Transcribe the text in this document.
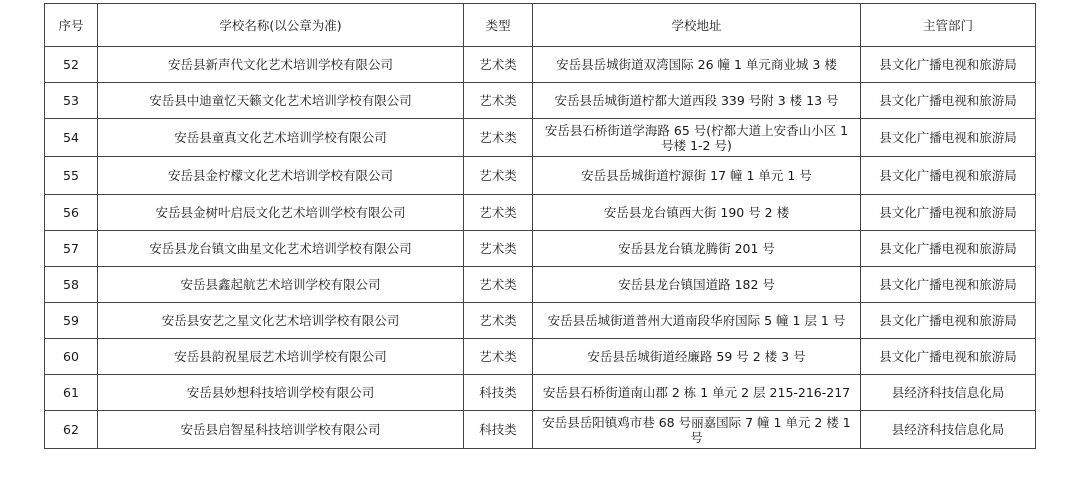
序号	学校名称(以公章为准)	类型	学校地址	主管部门
52	安岳县新声代文化艺术培训学校有限公司	艺术类	安岳县岳城街道双湾国际 26 幢 1 单元商业城 3 楼	县文化广播电视和旅游局
53	安岳县中迪童忆天籁文化艺术培训学校有限公司	艺术类	安岳县岳城街道柠都大道西段 339 号附 3 楼 13 号	县文化广播电视和旅游局
54	安岳县童真文化艺术培训学校有限公司	艺术类	安岳县石桥街道学海路 65 号(柠都大道上安香山小区 1 号楼 1-2 号)	县文化广播电视和旅游局
55	安岳县金柠檬文化艺术培训学校有限公司	艺术类	安岳县岳城街道柠源街 17 幢 1 单元 1 号	县文化广播电视和旅游局
56	安岳县金树叶启辰文化艺术培训学校有限公司	艺术类	安岳县龙台镇西大街 190 号 2 楼	县文化广播电视和旅游局
57	安岳县龙台镇文曲星文化艺术培训学校有限公司	艺术类	安岳县龙台镇龙腾街 201 号	县文化广播电视和旅游局
58	安岳县鑫起航艺术培训学校有限公司	艺术类	安岳县龙台镇国道路 182 号	县文化广播电视和旅游局
59	安岳县安艺之星文化艺术培训学校有限公司	艺术类	安岳县岳城街道普州大道南段华府国际 5 幢 1 层 1 号	县文化广播电视和旅游局
60	安岳县韵祝星辰艺术培训学校有限公司	艺术类	安岳县岳城街道经廉路 59 号 2 楼 3 号	县文化广播电视和旅游局
61	安岳县妙想科技培训学校有限公司	科技类	安岳县石桥街道南山郡 2 栋 1 单元 2 层 215-216-217	县经济科技信息化局
62	安岳县启智星科技培训学校有限公司	科技类	安岳县岳阳镇鸡市巷 68 号丽嘉国际 7 幢 1 单元 2 楼 1 号	县经济科技信息化局
